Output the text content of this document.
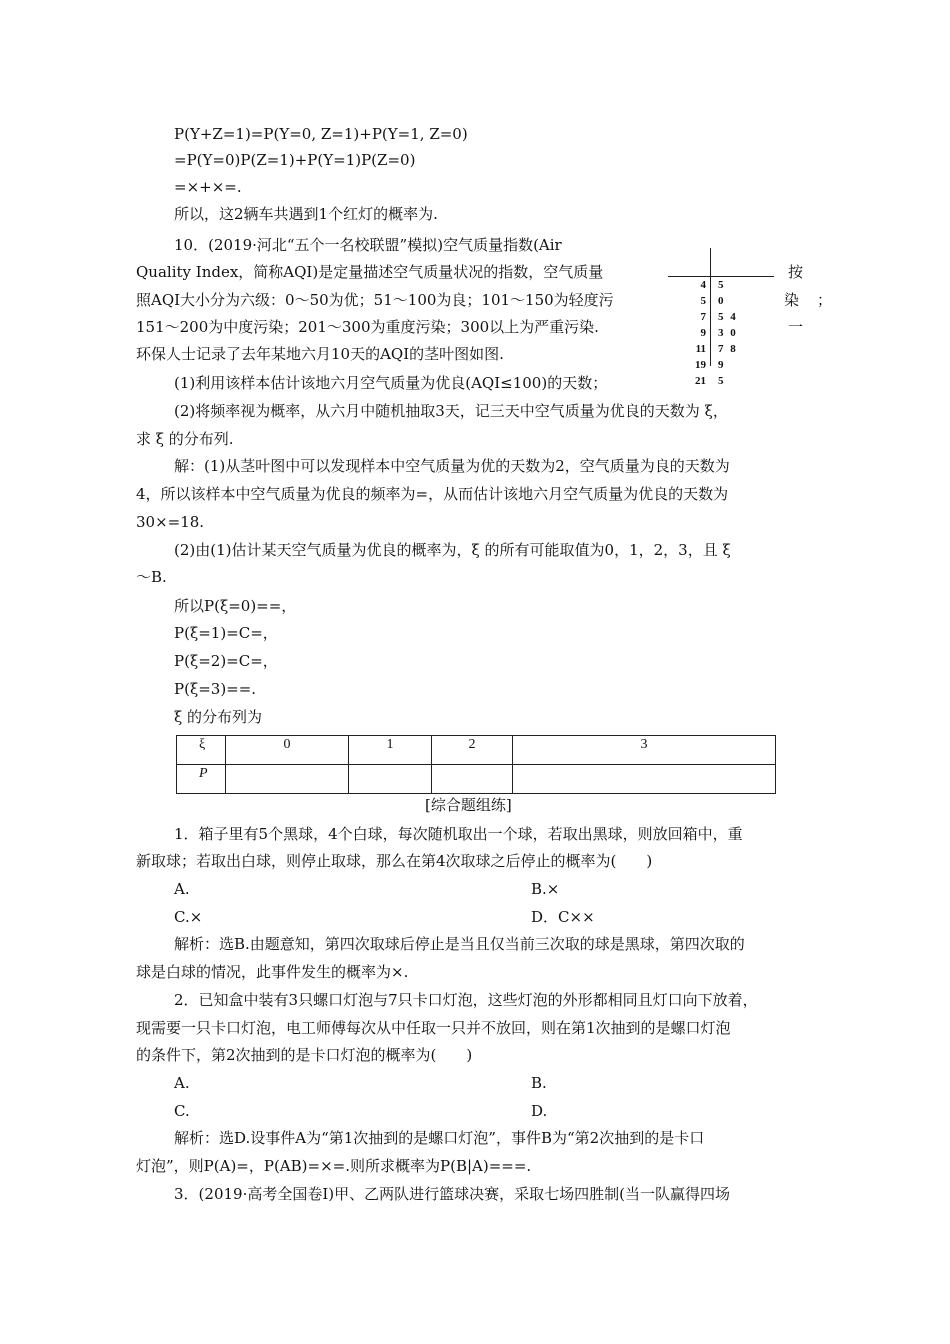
P(Y+Z=1)=P(Y=0, Z=1)+P(Y=1, Z=0)
=P(Y=0)P(Z=1)+P(Y=1)P(Z=0)
=×+×=.
所以，这2辆车共遇到1个红灯的概率为.
10．(2019·河北“五个一名校联盟”模拟)空气质量指数(Air
Quality Index，简称AQI)是定量描述空气质量状况的指数，空气质量
照AQI大小分为六级：0～50为优；51～100为良；101～150为轻度污
151～200为中度污染；201～300为重度污染；300以上为严重污染.
环保人士记录了去年某地六月10天的AQI的茎叶图如图.
按
染；
一
4 5
5 0
7 5 4
9 3 0
11 7 8
19 9
21 5
(1)利用该样本估计该地六月空气质量为优良(AQI≤100)的天数；
(2)将频率视为概率，从六月中随机抽取3天，记三天中空气质量为优良的天数为 ξ，
求 ξ 的分布列.
解：(1)从茎叶图中可以发现样本中空气质量为优的天数为2，空气质量为良的天数为
4，所以该样本中空气质量为优良的频率为=，从而估计该地六月空气质量为优良的天数为
30×=18.
(2)由(1)估计某天空气质量为优良的概率为，ξ 的所有可能取值为0，1，2，3，且 ξ
～B.
所以P(ξ=0)==，
P(ξ=1)=C=，
P(ξ=2)=C=，
P(ξ=3)==.
ξ 的分布列为
ξ	0	1	2	3
P				
[综合题组练]
1．箱子里有5个黑球，4个白球，每次随机取出一个球，若取出黑球，则放回箱中，重
新取球；若取出白球，则停止取球，那么在第4次取球之后停止的概率为(　　)
A.	B.×
C.×	D．C××
解析：选B.由题意知，第四次取球后停止是当且仅当前三次取的球是黑球，第四次取的
球是白球的情况，此事件发生的概率为×.
2．已知盒中装有3只螺口灯泡与7只卡口灯泡，这些灯泡的外形都相同且灯口向下放着，
现需要一只卡口灯泡，电工师傅每次从中任取一只并不放回，则在第1次抽到的是螺口灯泡
的条件下，第2次抽到的是卡口灯泡的概率为(　　)
A.	B.
C.	D.
解析：选D.设事件A为“第1次抽到的是螺口灯泡”，事件B为“第2次抽到的是卡口
灯泡”，则P(A)=，P(AB)=×=.则所求概率为P(B|A)===.
3．(2019·高考全国卷Ⅰ)甲、乙两队进行篮球决赛，采取七场四胜制(当一队赢得四场
